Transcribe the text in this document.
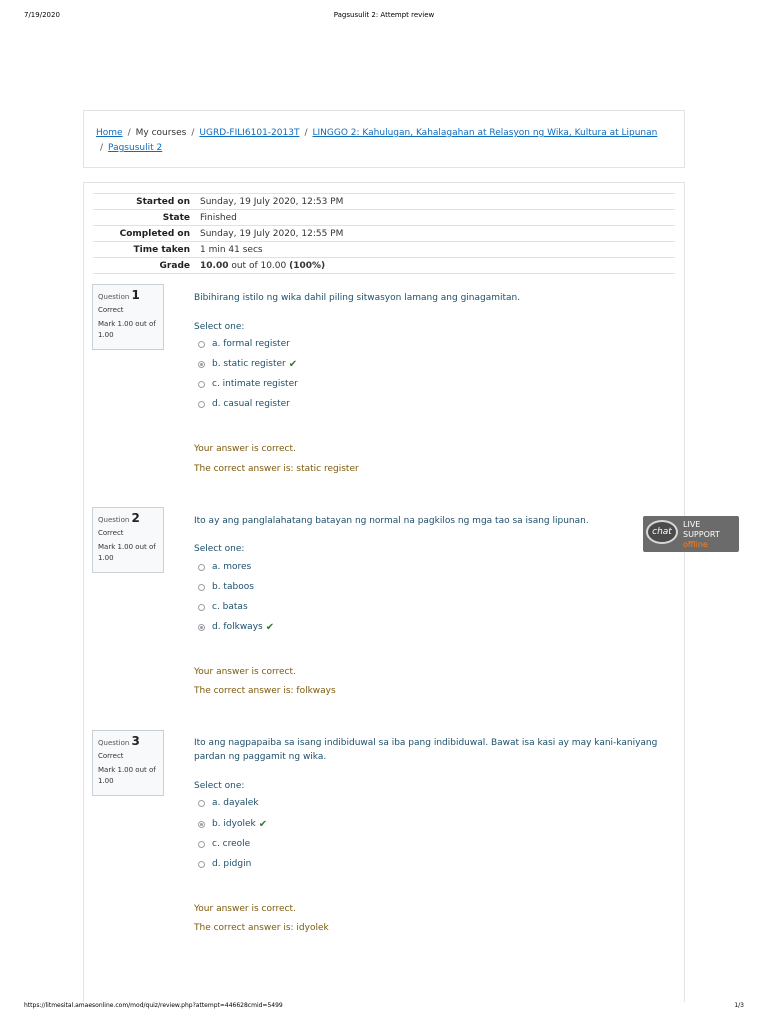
7/19/2020	Pagsusulit 2: Attempt review
Home / My courses / UGRD-FILI6101-2013T / LINGGO 2: Kahulugan, Kahalagahan at Relasyon ng Wika, Kultura at Lipunan
/ Pagsusulit 2
Started on	Sunday, 19 July 2020, 12:53 PM
State	Finished
Completed on	Sunday, 19 July 2020, 12:55 PM
Time taken	1 min 41 secs
Grade	10.00 out of 10.00 (100%)
Question 1
Correct
Mark 1.00 out of 1.00
Bibihirang istilo ng wika dahil piling sitwasyon lamang ang ginagamitan.
Select one:
a. formal register
b. static register ✔
c. intimate register
d. casual register
Your answer is correct.
The correct answer is: static register
Question 2
Correct
Mark 1.00 out of 1.00
Ito ay ang panglalahatang batayan ng normal na pagkilos ng mga tao sa isang lipunan.
Select one:
a. mores
b. taboos
c. batas
d. folkways ✔
Your answer is correct.
The correct answer is: folkways
Question 3
Correct
Mark 1.00 out of 1.00
Ito ang nagpapaiba sa isang indibiduwal sa iba pang indibiduwal. Bawat isa kasi ay may kani-kaniyang pardan ng paggamit ng wika.
Select one:
a. dayalek
b. idyolek ✔
c. creole
d. pidgin
Your answer is correct.
The correct answer is: idyolek
chat
LIVE
SUPPORT
offline
https://litmesital.amaesonline.com/mod/quiz/review.php?attempt=446628cmid=5499	1/3
